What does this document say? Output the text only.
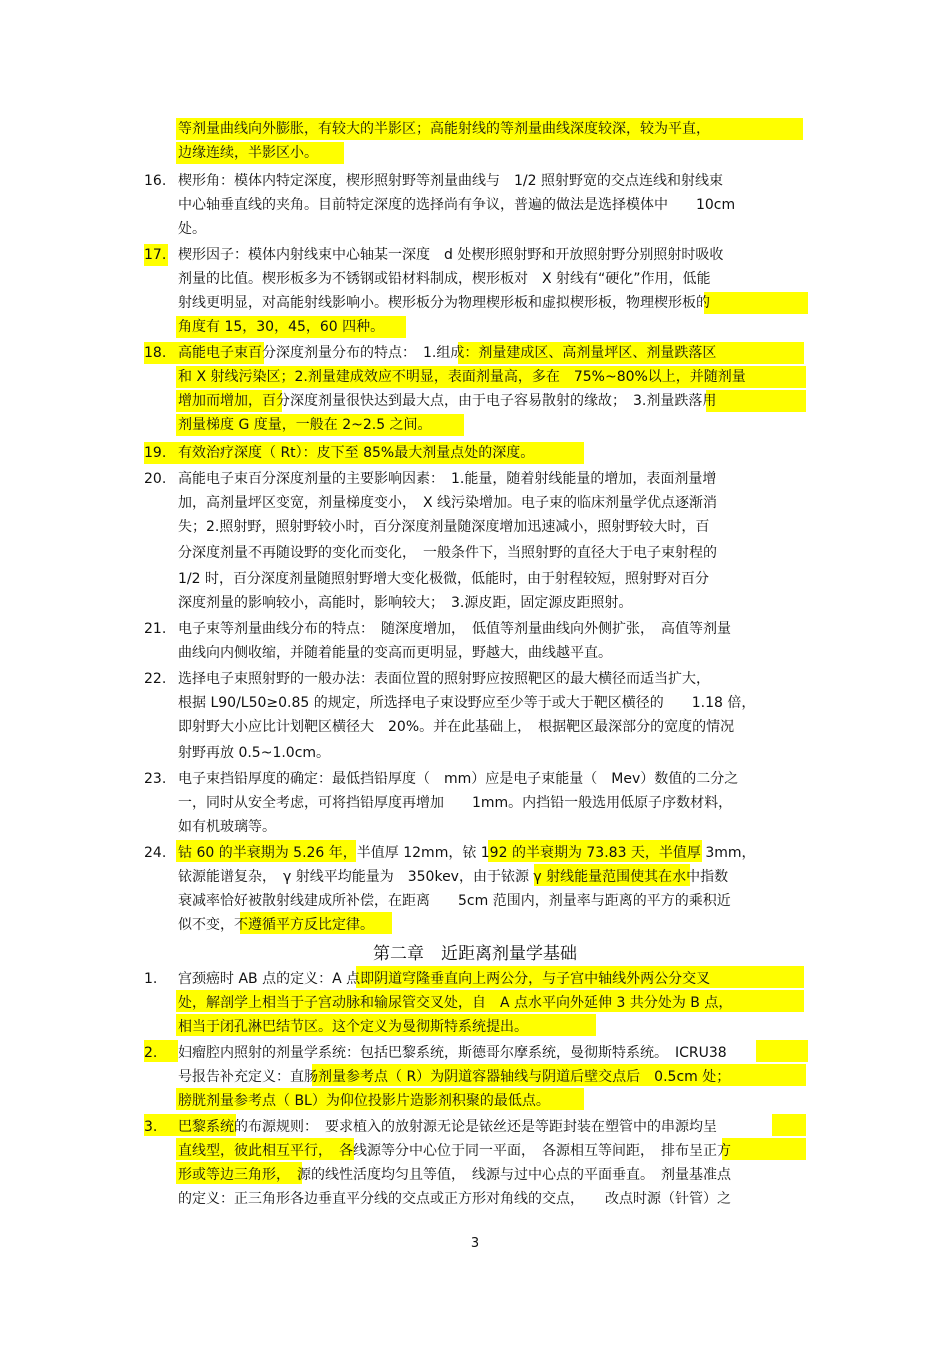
等剂量曲线向外膨胀，有较大的半影区；高能射线的等剂量曲线深度较深，较为平直，
边缘连续，半影区小。
16. 楔形角：模体内特定深度，楔形照射野等剂量曲线与　1/2 照射野宽的交点连线和射线束
中心轴垂直线的夹角。目前特定深度的选择尚有争议，普遍的做法是选择模体中　　10cm
处。
17. 楔形因子：模体内射线束中心轴某一深度　d 处楔形照射野和开放照射野分别照射时吸收
剂量的比值。楔形板多为不锈钢或铅材料制成，楔形板对　X 射线有“硬化”作用，低能
射线更明显，对高能射线影响小。楔形板分为物理楔形板和虚拟楔形板，物理楔形板的
角度有 15，30，45，60 四种。
18. 高能电子束百分深度剂量分布的特点：　1.组成：剂量建成区、高剂量坪区、剂量跌落区
和 X 射线污染区；2.剂量建成效应不明显，表面剂量高，多在　75%~80%以上，并随剂量
增加而增加，百分深度剂量很快达到最大点，由于电子容易散射的缘故；　3.剂量跌落用
剂量梯度 G 度量，一般在 2~2.5 之间。
19. 有效治疗深度（ Rt）：皮下至 85%最大剂量点处的深度。
20. 高能电子束百分深度剂量的主要影响因素：　1.能量，随着射线能量的增加，表面剂量增
加，高剂量坪区变宽，剂量梯度变小，　X 线污染增加。电子束的临床剂量学优点逐渐消
失；2.照射野，照射野较小时，百分深度剂量随深度增加迅速减小，照射野较大时，百
分深度剂量不再随设野的变化而变化，　一般条件下，当照射野的直径大于电子束射程的
1/2 时，百分深度剂量随照射野增大变化极微，低能时，由于射程较短，照射野对百分
深度剂量的影响较小，高能时，影响较大；　3.源皮距，固定源皮距照射。
21. 电子束等剂量曲线分布的特点：　随深度增加，　低值等剂量曲线向外侧扩张，　高值等剂量
曲线向内侧收缩，并随着能量的变高而更明显，野越大，曲线越平直。
22. 选择电子束照射野的一般办法：表面位置的照射野应按照靶区的最大横径而适当扩大，
根据 L90/L50≥0.85 的规定，所选择电子束设野应至少等于或大于靶区横径的　　1.18 倍，
即射野大小应比计划靶区横径大　20%。并在此基础上，　根据靶区最深部分的宽度的情况
射野再放 0.5~1.0cm。
23. 电子束挡铅厚度的确定：最低挡铅厚度（　mm）应是电子束能量（　Mev）数值的二分之
一，同时从安全考虑，可将挡铅厚度再增加　　1mm。内挡铅一般选用低原子序数材料，
如有机玻璃等。
24. 钴 60 的半衰期为 5.26 年，半值厚 12mm，铱 192 的半衰期为 73.83 天，半值厚 3mm，
铱源能谱复杂，　γ 射线平均能量为　350kev，由于铱源 γ 射线能量范围使其在水中指数
衰减率恰好被散射线建成所补偿，在距离　　5cm 范围内，剂量率与距离的平方的乘积近
似不变，不遵循平方反比定律。
第二章　近距离剂量学基础
1. 宫颈癌时 AB 点的定义：A 点即阴道穹隆垂直向上两公分，与子宫中轴线外两公分交叉
处，解剖学上相当于子宫动脉和输尿管交叉处，自　A 点水平向外延伸 3 共分处为 B 点，
相当于闭孔淋巴结节区。这个定义为曼彻斯特系统提出。
2. 妇瘤腔内照射的剂量学系统：包括巴黎系统，斯德哥尔摩系统，曼彻斯特系统。　ICRU38
号报告补充定义：直肠剂量参考点（ R）为阴道容器轴线与阴道后壁交点后　0.5cm 处；
膀胱剂量参考点（ BL）为仰位投影片造影剂积聚的最低点。
3. 巴黎系统的布源规则：　要求植入的放射源无论是铱丝还是等距封装在塑管中的串源均呈
直线型，彼此相互平行，　各线源等分中心位于同一平面，　各源相互等间距，　排布呈正方
形或等边三角形，　源的线性活度均匀且等值，　线源与过中心点的平面垂直。　剂量基准点
的定义：正三角形各边垂直平分线的交点或正方形对角线的交点，　　改点时源（针管）之
3
